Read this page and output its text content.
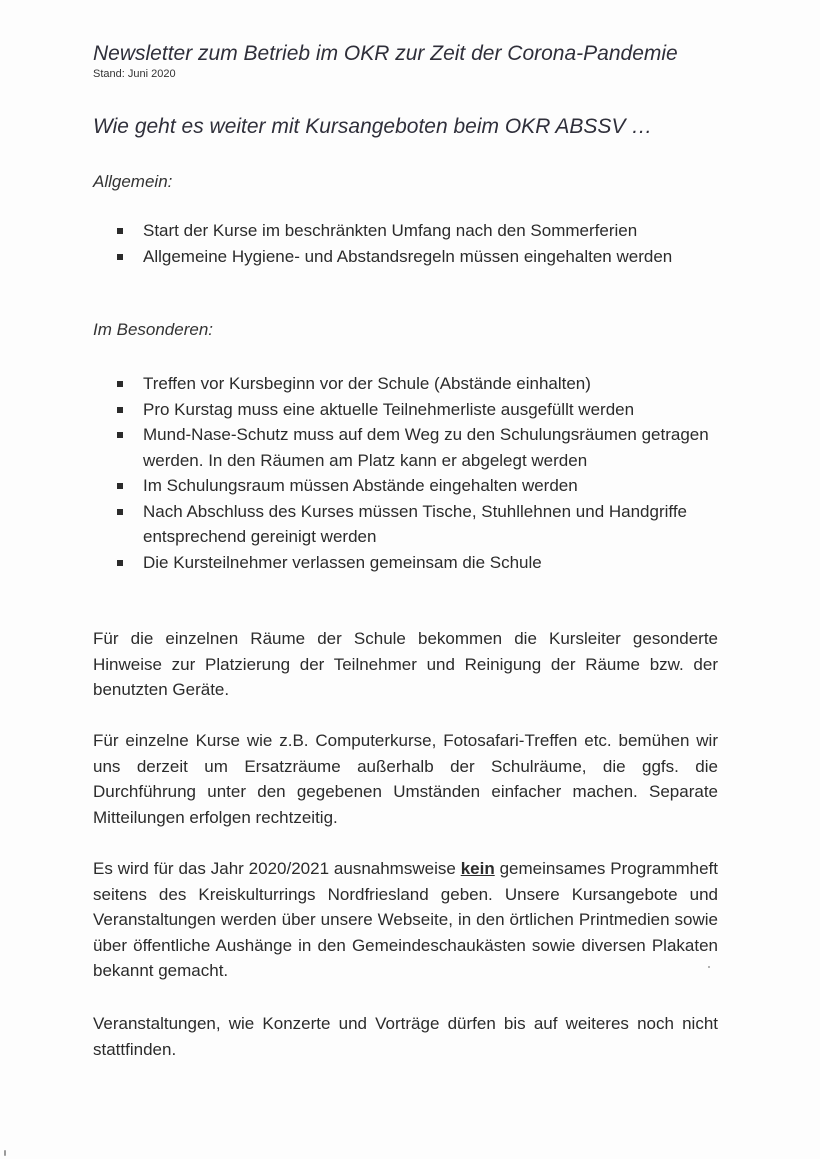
Newsletter zum Betrieb im OKR zur Zeit der Corona-Pandemie
Stand: Juni 2020
Wie geht es weiter mit Kursangeboten beim OKR ABSSV …
Allgemein:
Start der Kurse im beschränkten Umfang nach den Sommerferien
Allgemeine Hygiene- und Abstandsregeln müssen eingehalten werden
Im Besonderen:
Treffen vor Kursbeginn vor der Schule (Abstände einhalten)
Pro Kurstag muss eine aktuelle Teilnehmerliste ausgefüllt werden
Mund-Nase-Schutz muss auf dem Weg zu den Schulungsräumen getragen werden. In den Räumen am Platz kann er abgelegt werden
Im Schulungsraum müssen Abstände eingehalten werden
Nach Abschluss des Kurses müssen Tische, Stuhllehnen und Handgriffe entsprechend gereinigt werden
Die Kursteilnehmer verlassen gemeinsam die Schule

Für die einzelnen Räume der Schule bekommen die Kursleiter gesonderte Hinweise zur Platzierung der Teilnehmer und Reinigung der Räume bzw. der benutzten Geräte.

Für einzelne Kurse wie z.B. Computerkurse, Fotosafari-Treffen etc. bemühen wir uns derzeit um Ersatzräume außerhalb der Schulräume, die ggfs. die Durchführung unter den gegebenen Umständen einfacher machen. Separate Mitteilungen erfolgen rechtzeitig.

Es wird für das Jahr 2020/2021 ausnahmsweise kein gemeinsames Programmheft seitens des Kreiskulturrings Nordfriesland geben. Unsere Kursangebote und Veranstaltungen werden über unsere Webseite, in den örtlichen Printmedien sowie über öffentliche Aushänge in den Gemeindeschaukästen sowie diversen Plakaten bekannt gemacht.

Veranstaltungen, wie Konzerte und Vorträge dürfen bis auf weiteres noch nicht stattfinden.
